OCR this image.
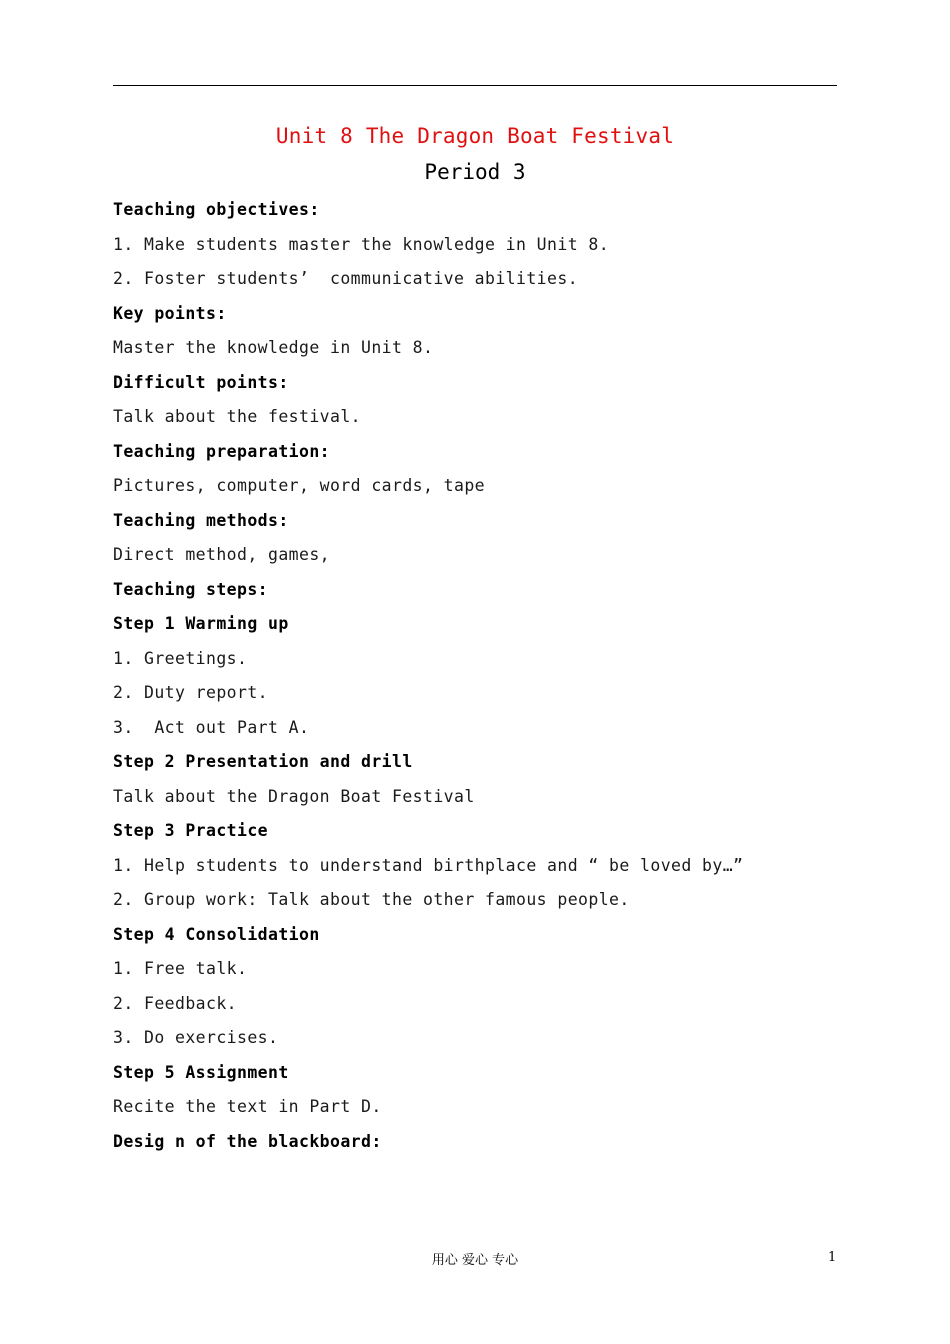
Unit 8 The Dragon Boat Festival
Period 3
Teaching objectives:
1. Make students master the knowledge in Unit 8.
2. Foster students’  communicative abilities.
Key points:
Master the knowledge in Unit 8.
Difficult points:
Talk about the festival.
Teaching preparation:
Pictures, computer, word cards, tape
Teaching methods:
Direct method, games,
Teaching steps:
Step 1 Warming up
1. Greetings.
2. Duty report.
3.  Act out Part A.
Step 2 Presentation and drill
Talk about the Dragon Boat Festival
Step 3 Practice
1. Help students to understand birthplace and “ be loved by…”
2. Group work: Talk about the other famous people.
Step 4 Consolidation
1. Free talk.
2. Feedback.
3. Do exercises.
Step 5 Assignment
Recite the text in Part D.
Desig n of the blackboard:
用心 爱心 专心	1
